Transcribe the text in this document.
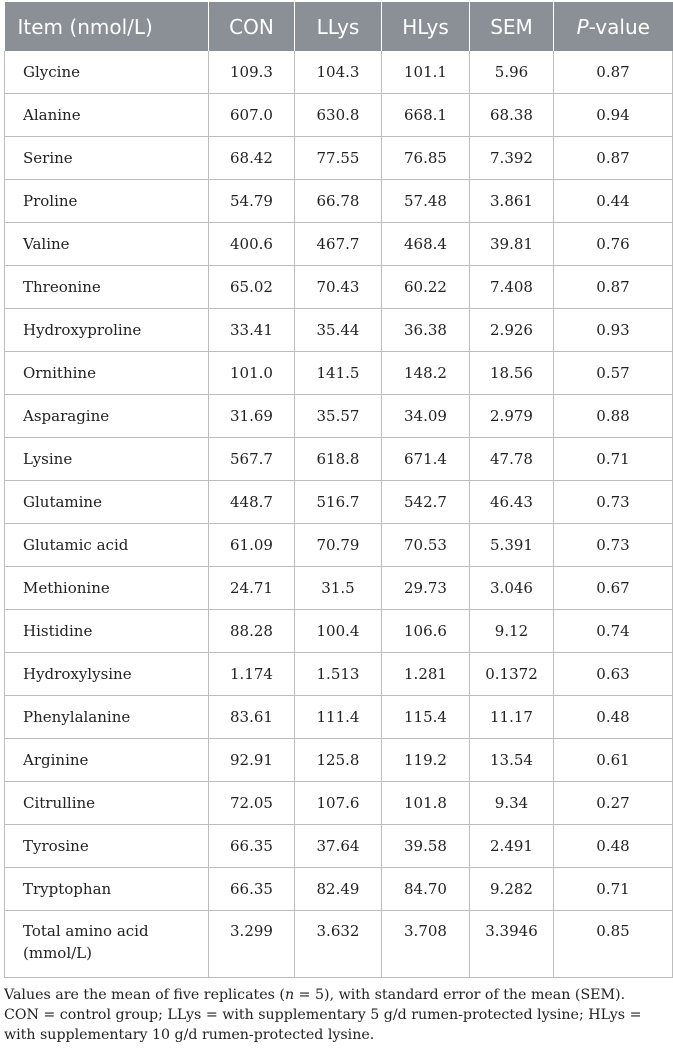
Item (nmol/L)	CON	LLys	HLys	SEM	P-value
Glycine	109.3	104.3	101.1	5.96	0.87
Alanine	607.0	630.8	668.1	68.38	0.94
Serine	68.42	77.55	76.85	7.392	0.87
Proline	54.79	66.78	57.48	3.861	0.44
Valine	400.6	467.7	468.4	39.81	0.76
Threonine	65.02	70.43	60.22	7.408	0.87
Hydroxyproline	33.41	35.44	36.38	2.926	0.93
Ornithine	101.0	141.5	148.2	18.56	0.57
Asparagine	31.69	35.57	34.09	2.979	0.88
Lysine	567.7	618.8	671.4	47.78	0.71
Glutamine	448.7	516.7	542.7	46.43	0.73
Glutamic acid	61.09	70.79	70.53	5.391	0.73
Methionine	24.71	31.5	29.73	3.046	0.67
Histidine	88.28	100.4	106.6	9.12	0.74
Hydroxylysine	1.174	1.513	1.281	0.1372	0.63
Phenylalanine	83.61	111.4	115.4	11.17	0.48
Arginine	92.91	125.8	119.2	13.54	0.61
Citrulline	72.05	107.6	101.8	9.34	0.27
Tyrosine	66.35	37.64	39.58	2.491	0.48
Tryptophan	66.35	82.49	84.70	9.282	0.71
Total amino acid (mmol/L)	3.299	3.632	3.708	3.3946	0.85

Values are the mean of five replicates (n = 5), with standard error of the mean (SEM).

CON = control group; LLys = with supplementary 5 g/d rumen-protected lysine; HLys = with supplementary 10 g/d rumen-protected lysine.
